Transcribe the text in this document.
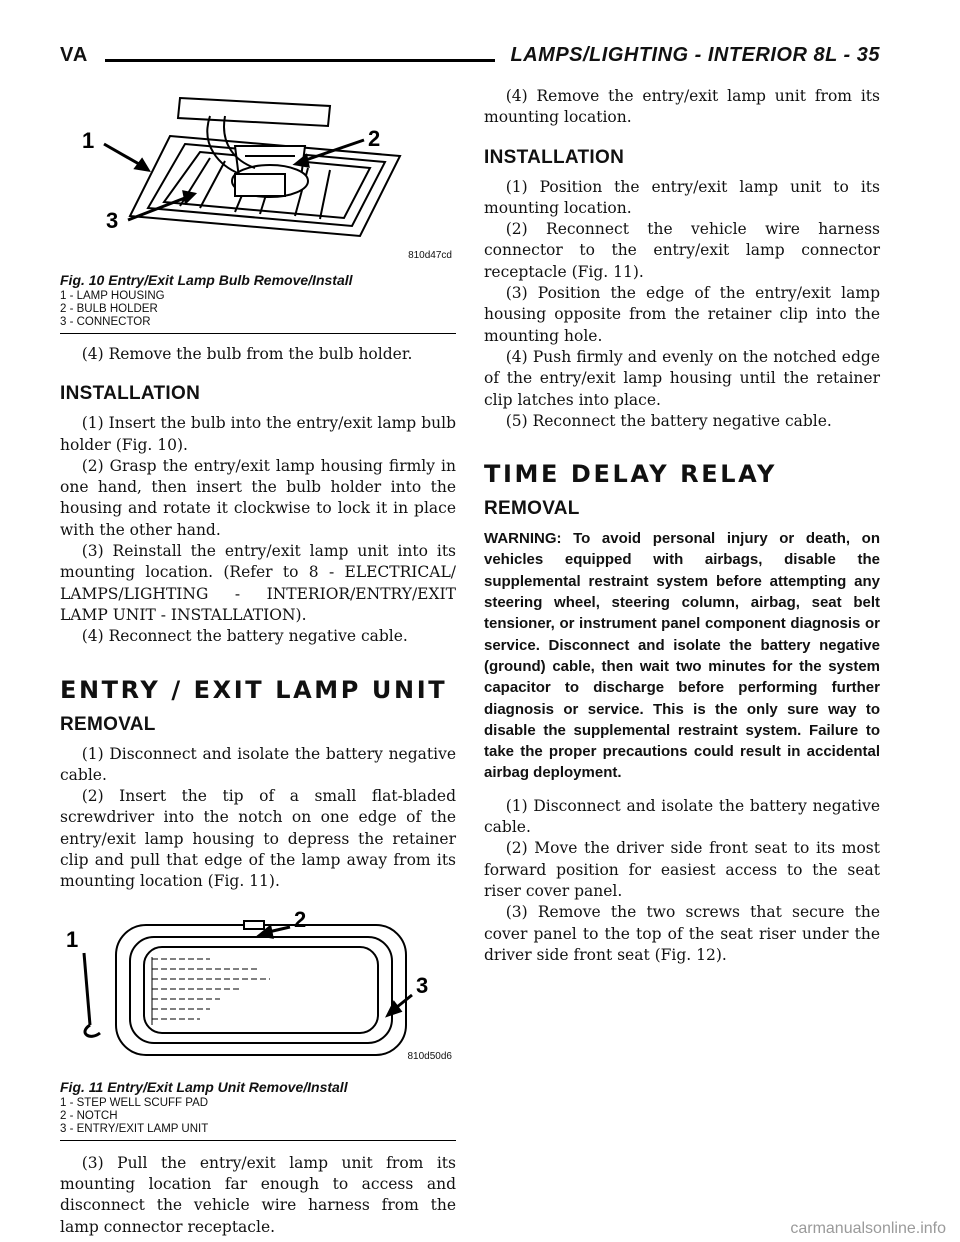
VA	LAMPS/LIGHTING - INTERIOR 8L - 35
1	2
3
810d47cd
Fig. 10 Entry/Exit Lamp Bulb Remove/Install
1 - LAMP HOUSING
2 - BULB HOLDER
3 - CONNECTOR

(4) Remove the bulb from the bulb holder.

INSTALLATION

(1) Insert the bulb into the entry/exit lamp bulb holder (Fig. 10).

(2) Grasp the entry/exit lamp housing firmly in one hand, then insert the bulb holder into the housing and rotate it clockwise to lock it in place with the other hand.

(3) Reinstall the entry/exit lamp unit into its mounting location. (Refer to 8 - ELECTRICAL/ LAMPS/LIGHTING - INTERIOR/ENTRY/EXIT LAMP UNIT - INSTALLATION).

(4) Reconnect the battery negative cable.

ENTRY / EXIT LAMP UNIT
REMOVAL

(1) Disconnect and isolate the battery negative cable.

(2) Insert the tip of a small flat-bladed screwdriver into the notch on one edge of the entry/exit lamp housing to depress the retainer clip and pull that edge of the lamp away from its mounting location (Fig. 11).

1
2
3
810d50d6
Fig. 11 Entry/Exit Lamp Unit Remove/Install
1 - STEP WELL SCUFF PAD
2 - NOTCH
3 - ENTRY/EXIT LAMP UNIT

(3) Pull the entry/exit lamp unit from its mounting location far enough to access and disconnect the vehicle wire harness from the lamp connector receptacle.

(4) Remove the entry/exit lamp unit from its mounting location.

INSTALLATION

(1) Position the entry/exit lamp unit to its mounting location.

(2) Reconnect the vehicle wire harness connector to the entry/exit lamp connector receptacle (Fig. 11).

(3) Position the edge of the entry/exit lamp housing opposite from the retainer clip into the mounting hole.

(4) Push firmly and evenly on the notched edge of the entry/exit lamp housing until the retainer clip latches into place.

(5) Reconnect the battery negative cable.

TIME DELAY RELAY
REMOVAL

WARNING: To avoid personal injury or death, on vehicles equipped with airbags, disable the supplemental restraint system before attempting any steering wheel, steering column, airbag, seat belt tensioner, or instrument panel component diagnosis or service. Disconnect and isolate the battery negative (ground) cable, then wait two minutes for the system capacitor to discharge before performing further diagnosis or service. This is the only sure way to disable the supplemental restraint system. Failure to take the proper precautions could result in accidental airbag deployment.

(1) Disconnect and isolate the battery negative cable.

(2) Move the driver side front seat to its most forward position for easiest access to the seat riser cover panel.

(3) Remove the two screws that secure the cover panel to the top of the seat riser under the driver side front seat (Fig. 12).

carmanualsonline.info
